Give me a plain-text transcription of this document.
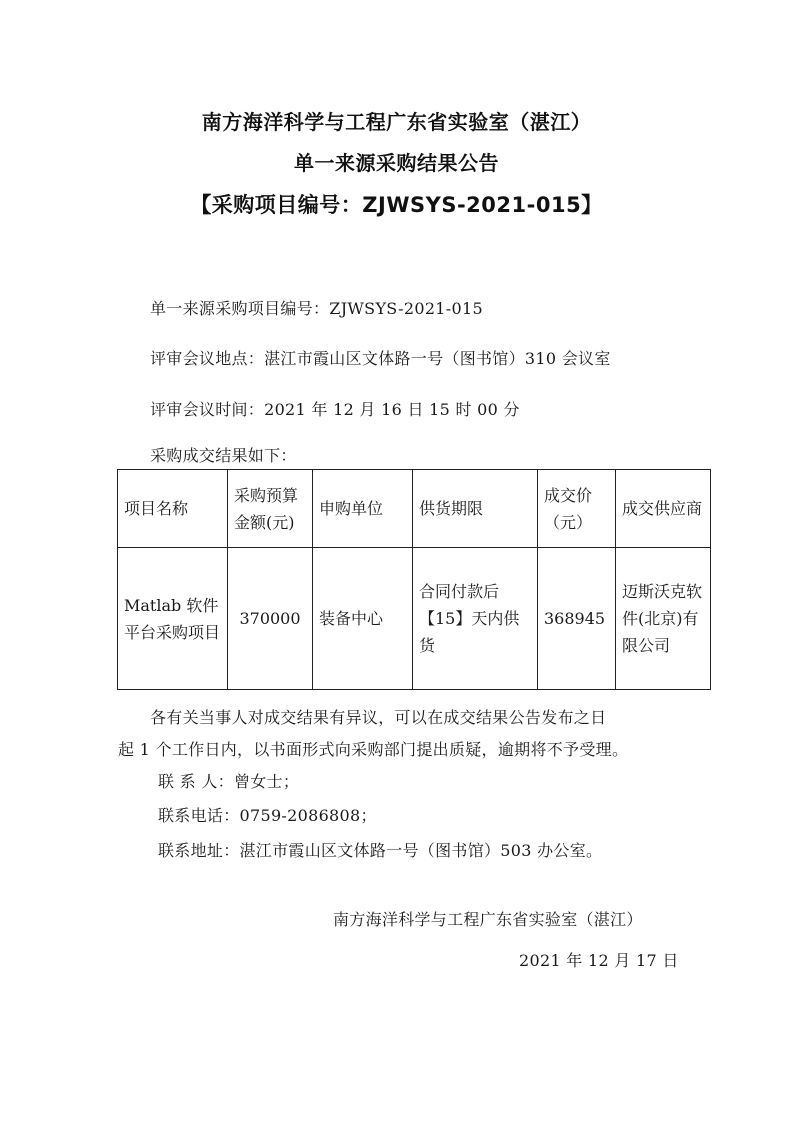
南方海洋科学与工程广东省实验室（湛江）
单一来源采购结果公告
【采购项目编号：ZJWSYS-2021-015】
单一来源采购项目编号：ZJWSYS-2021-015
评审会议地点：湛江市霞山区文体路一号（图书馆）310 会议室
评审会议时间：2021 年 12 月 16 日 15 时 00 分
采购成交结果如下：
项目名称	采购预算金额(元)	申购单位	供货期限	成交价（元）	成交供应商
Matlab 软件平台采购项目	370000	装备中心	合同付款后【15】天内供货	368945	迈斯沃克软件(北京)有限公司
各有关当事人对成交结果有异议，可以在成交结果公告发布之日
起 1 个工作日内，以书面形式向采购部门提出质疑，逾期将不予受理。
联 系 人：曾女士；
联系电话：0759-2086808；
联系地址：湛江市霞山区文体路一号（图书馆）503 办公室。
南方海洋科学与工程广东省实验室（湛江）
2021 年 12 月 17 日
